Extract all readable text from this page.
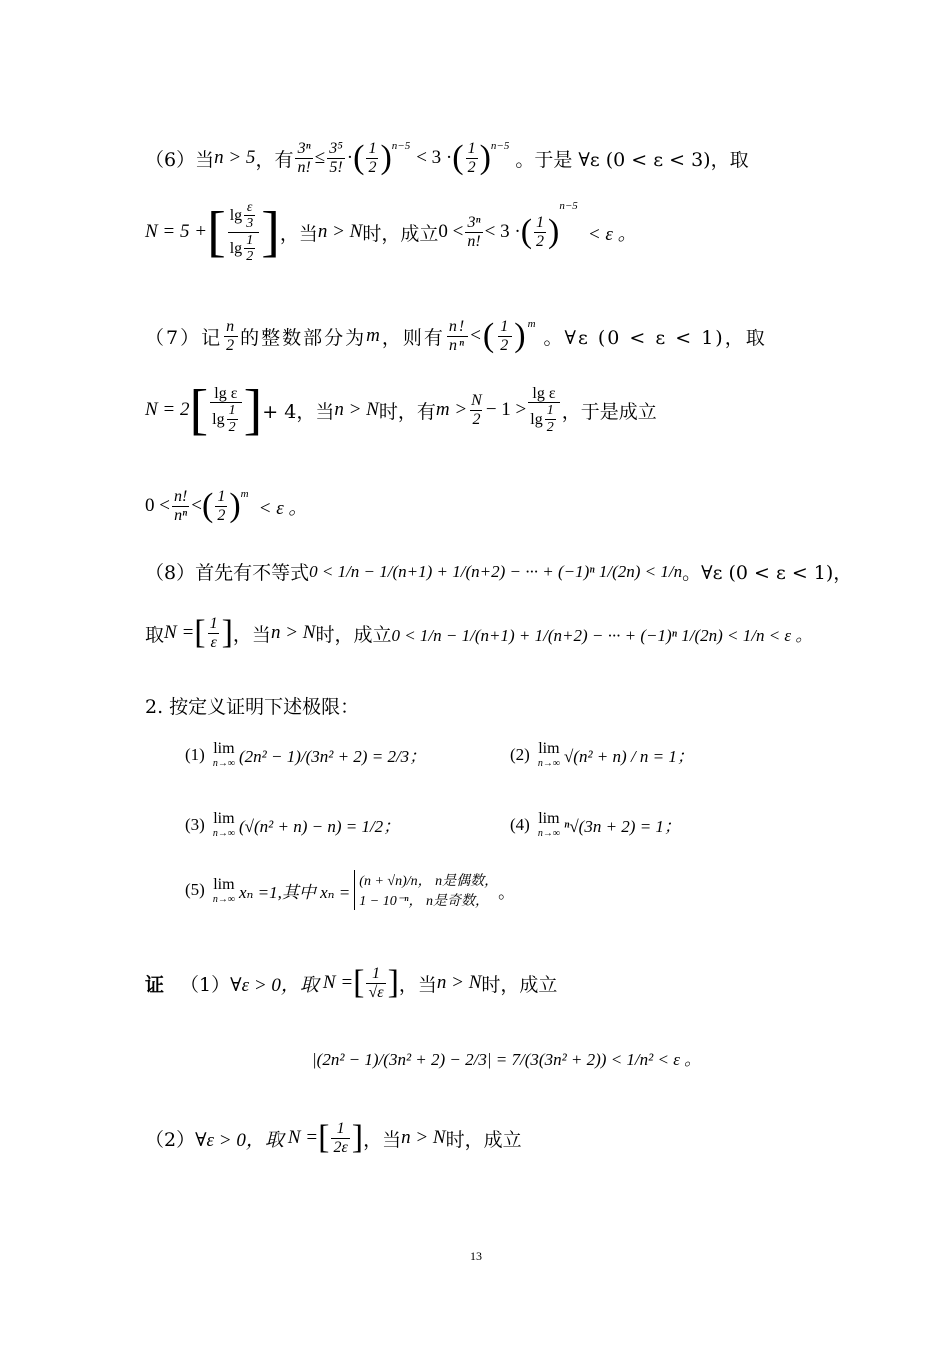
（6） 当 n > 5 ，有 $\frac{\text{3ⁿ}}{n!} \le \frac{\text{3⁵}}{5!}$ · ( $\frac{1}{2} )^{n-5}$
< 3 · ( $\frac{1}{2} )^{n-5}$
。于是 ∀ε (0 < ε < 3)，取
N = 5 + [ $\frac{\lg \frac{\varepsilon}{3}}{\lg \frac{1}{2}}$ ] ，当 n > N 时，成立 $0 < \frac{\text{3ⁿ}}{n!} < 3$ · ( $\frac{1}{2}$ )
n−5
< ε 。
（7） 记 $\frac{n}{2}$ 的整数部分为 m ，则有 $\frac{n!}{\text{nⁿ}}$ < ( $\frac{1}{2} )^m$
。∀ε (0 < ε < 1)，取
N = 2 [ $\frac{\text{lg ε}}{\lg \frac{1}{2}}$ ] + 4，当 n > N 时，有 $m > \frac{N}{2} - 1 > \frac{\text{lg ε}}{\lg \frac{1}{2}}$ ，于是成立
$0 < \frac{n!}{\text{nⁿ}}$ < ( $\frac{1}{2} )^m$
< ε 。
（8）首先有不等式 0 < 1/n − 1/(n+1) + 1/(n+2) − ··· + (−1)ⁿ 1/(2n) < 1/n 。∀ε (0 < ε < 1)，
取 N = [ $\frac{1}{\varepsilon}$ ] ，当 n > N 时，成立 0 < 1/n − 1/(n+1) + 1/(n+2) − ··· + (−1)ⁿ 1/(2n) < 1/n < ε 。
2. 按定义证明下述极限：
(1) lim
n→∞ (2n² − 1)/(3n² + 2) = 2/3；	(2) lim
n→∞ √(n² + n) / n = 1；
(3) lim
n→∞ (√(n² + n) − n) = 1/2；	(4) lim
n→∞ ⁿ√(3n + 2) = 1；
(5) lim
n→∞ xₙ =1,其中 xₙ =
(n + √n)/n， n是偶数，
1 − 10⁻ⁿ， n是奇数， 。
证 （1） ∀ε > 0，取 N = [ $\frac{1}{√\varepsilon}$ ] ，当 n > N 时，成立
|(2n² − 1)/(3n² + 2) − 2/3| = 7/(3(3n² + 2)) < 1/n² < ε 。
（2） ∀ε > 0，取 N = [ $\frac{1}{2\varepsilon}$ ] ，当 n > N 时，成立
13
